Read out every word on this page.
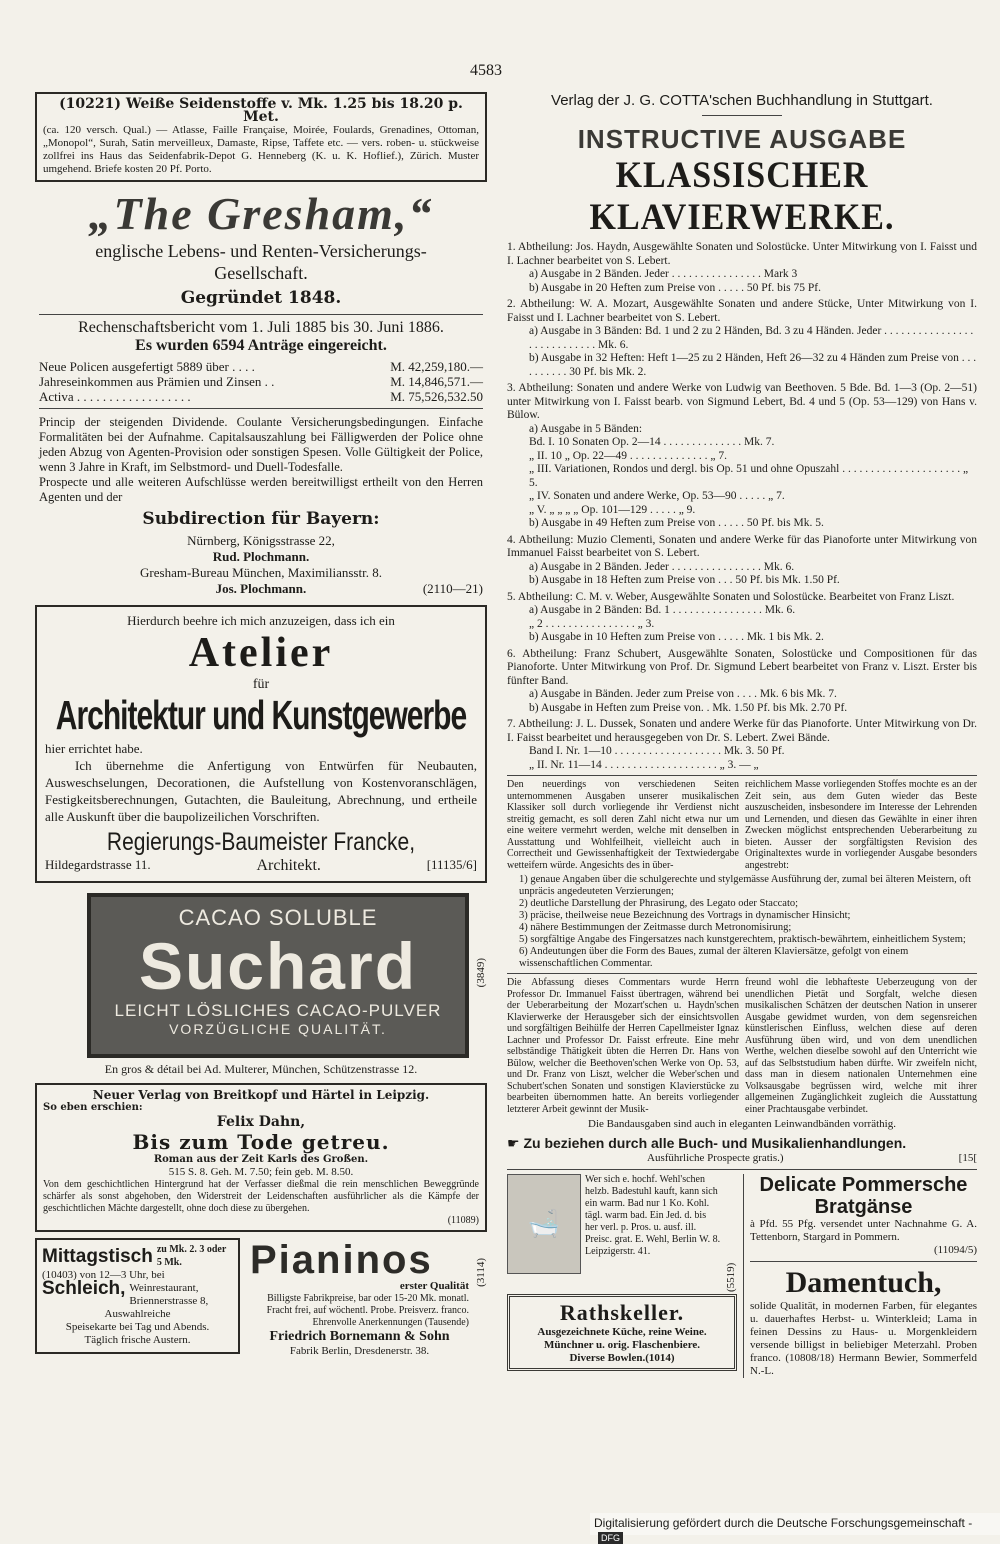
4583
(10221) Weiße Seidenstoffe v. Mk. 1.25 bis 18.20 p. Met.
(ca. 120 versch. Qual.) — Atlasse, Faille Française, Moirée, Foulards, Grenadines, Ottoman, „Monopol“, Surah, Satin merveilleux, Damaste, Ripse, Taffete etc. — vers. roben- u. stückweise zollfrei ins Haus das Seidenfabrik-Depot G. Henneberg (K. u. K. Hoflief.), Zürich. Muster umgehend. Briefe kosten 20 Pf. Porto.
„The Gresham,“
englische Lebens- und Renten-Versicherungs-
Gesellschaft.
Gegründet 1848.
Rechenschaftsbericht vom 1. Juli 1885 bis 30. Juni 1886.
Es wurden 6594 Anträge eingereicht.
Neue Policen ausgefertigt 5889 über . . . .	M. 42,259,180.—
Jahreseinkommen aus Prämien und Zinsen . .	M. 14,846,571.—
Activa . . . . . . . . . . . . . . . . . .	M. 75,526,532.50
Princip der steigenden Dividende. Coulante Versicherungsbedingungen. Einfache Formalitäten bei der Aufnahme. Capitalsauszahlung bei Fälligwerden der Police ohne jeden Abzug von Agenten-Provision oder sonstigen Spesen. Volle Gültigkeit der Police, wenn 3 Jahre in Kraft, im Selbstmord- und Duell-Todesfalle.
Prospecte und alle weiteren Aufschlüsse werden bereitwilligst ertheilt von den Herren Agenten und der
Subdirection für Bayern:
Nürnberg, Königsstrasse 22,
Rud. Plochmann.
Gresham-Bureau München, Maximiliansstr. 8.
Jos. Plochmann.	(2110—21)
Hierdurch beehre ich mich anzuzeigen, dass ich ein
Atelier
für
Architektur und Kunstgewerbe
hier errichtet habe.
Ich übernehme die Anfertigung von Entwürfen für Neubauten, Ausweschselungen, Decorationen, die Aufstellung von Kostenvoranschlägen, Festigkeitsberechnungen, Gutachten, die Bauleitung, Abrechnung, und ertheile alle Auskunft über die baupolizeilichen Vorschriften.
Regierungs-Baumeister Francke,
Hildegardstrasse 11.	Architekt.	[11135/6]
CACAO SOLUBLE
Suchard
LEICHT LÖSLICHES CACAO-PULVER
VORZÜGLICHE QUALITÄT.
(3849)
En gros & détail bei Ad. Multerer, München, Schützenstrasse 12.
Neuer Verlag von Breitkopf und Härtel in Leipzig.
So eben erschien:
Felix Dahn,
Bis zum Tode getreu.
Roman aus der Zeit Karls des Großen.
515 S. 8. Geh. M. 7.50; fein geb. M. 8.50.
Von dem geschichtlichen Hintergrund hat der Verfasser dießmal die rein menschlichen Beweggründe schärfer als sonst abgehoben, den Widerstreit der Leidenschaften ausführlicher als die Kämpfe der geschichtlichen Mächte dargestellt, ohne doch diese zu übergehen.
(11089)
Mittagstisch zu Mk. 2. 3 oder 5 Mk.
(10403) von 12—3 Uhr, bei
Schleich, Weinrestaurant, Briennerstrasse 8,
Auswahlreiche
Speisekarte bei Tag und Abends.
Täglich frische Austern.
Pianinos
erster Qualität
Billigste Fabrikpreise, bar oder 15-20 Mk. monatl. Fracht frei, auf wöchentl. Probe. Preisverz. franco. Ehrenvolle Anerkennungen (Tausende)
Friedrich Bornemann & Sohn
Fabrik Berlin, Dresdenerstr. 38.
(3114)
Verlag der J. G. COTTA'schen Buchhandlung in Stuttgart.
INSTRUCTIVE AUSGABE
KLASSISCHER KLAVIERWERKE.
1. Abtheilung: Jos. Haydn, Ausgewählte Sonaten und Solostücke. Unter Mitwirkung von I. Faisst und I. Lachner bearbeitet von S. Lebert.
a) Ausgabe in 2 Bänden. Jeder . . . . . . . . . . . . . . . . Mark 3
b) Ausgabe in 20 Heften zum Preise von . . . . . 50 Pf. bis 75 Pf.
2. Abtheilung: W. A. Mozart, Ausgewählte Sonaten und andere Stücke, Unter Mitwirkung von I. Faisst und I. Lachner bearbeitet von S. Lebert.
a) Ausgabe in 3 Bänden: Bd. 1 und 2 zu 2 Händen, Bd. 3 zu 4 Händen. Jeder . . . . . . . . . . . . . . . . . . . . . . . . . . . . Mk. 6.
b) Ausgabe in 32 Heften: Heft 1—25 zu 2 Händen, Heft 26—32 zu 4 Händen zum Preise von . . . . . . . . . . 30 Pf. bis Mk. 2.
3. Abtheilung: Sonaten und andere Werke von Ludwig van Beethoven. 5 Bde. Bd. 1—3 (Op. 2—51) unter Mitwirkung von I. Faisst bearb. von Sigmund Lebert, Bd. 4 und 5 (Op. 53—129) von Hans v. Bülow.
a) Ausgabe in 5 Bänden:
Bd. I. 10 Sonaten Op. 2—14 . . . . . . . . . . . . . . Mk. 7.
„ II. 10 „ Op. 22—49 . . . . . . . . . . . . . . „ 7.
„ III. Variationen, Rondos und dergl. bis Op. 51 und ohne Opuszahl . . . . . . . . . . . . . . . . . . . . . „ 5.
„ IV. Sonaten und andere Werke, Op. 53—90 . . . . . „ 7.
„ V. „ „ „ „ Op. 101—129 . . . . . „ 9.
b) Ausgabe in 49 Heften zum Preise von . . . . . 50 Pf. bis Mk. 5.
4. Abtheilung: Muzio Clementi, Sonaten und andere Werke für das Pianoforte unter Mitwirkung von Immanuel Faisst bearbeitet von S. Lebert.
a) Ausgabe in 2 Bänden. Jeder . . . . . . . . . . . . . . . . Mk. 6.
b) Ausgabe in 18 Heften zum Preise von . . . 50 Pf. bis Mk. 1.50 Pf.
5. Abtheilung: C. M. v. Weber, Ausgewählte Sonaten und Solostücke. Bearbeitet von Franz Liszt.
a) Ausgabe in 2 Bänden: Bd. 1 . . . . . . . . . . . . . . . . Mk. 6.
„ 2 . . . . . . . . . . . . . . . . „ 3.
b) Ausgabe in 10 Heften zum Preise von . . . . . Mk. 1 bis Mk. 2.
6. Abtheilung: Franz Schubert, Ausgewählte Sonaten, Solostücke und Compositionen für das Pianoforte. Unter Mitwirkung von Prof. Dr. Sigmund Lebert bearbeitet von Franz v. Liszt. Erster bis fünfter Band.
a) Ausgabe in Bänden. Jeder zum Preise von . . . . Mk. 6 bis Mk. 7.
b) Ausgabe in Heften zum Preise von. . Mk. 1.50 Pf. bis Mk. 2.70 Pf.
7. Abtheilung: J. L. Dussek, Sonaten und andere Werke für das Pianoforte. Unter Mitwirkung von Dr. I. Faisst bearbeitet und herausgegeben von Dr. S. Lebert. Zwei Bände.
Band I. Nr. 1—10 . . . . . . . . . . . . . . . . . . . Mk. 3. 50 Pf.
„ II. Nr. 11—14 . . . . . . . . . . . . . . . . . . . . „ 3. — „
Den neuerdings von verschiedenen Seiten unternommenen Ausgaben unserer musikalischen Klassiker soll durch vorliegende ihr Verdienst nicht streitig gemacht, es soll deren Zahl nicht etwa nur um eine weitere vermehrt werden, welche mit denselben in Ausstattung und Wohlfeilheit, vielleicht auch in Correctheit und Gewissenhaftigkeit der Textwiedergabe wetteifern würde. Angesichts des in über-
reichlichem Masse vorliegenden Stoffes mochte es an der Zeit sein, aus dem Guten wieder das Beste auszuscheiden, insbesondere im Interesse der Lehrenden und Lernenden, und diesen das Gewählte in einer ihren Zwecken möglichst entsprechenden Ueberarbeitung zu bieten. Ausser der sorgfältigsten Revision des Originaltextes wurde in vorliegender Ausgabe besonders angestrebt:
1) genaue Angaben über die schulgerechte und stylgemässe Ausführung der, zumal bei älteren Meistern, oft unpräcis angedeuteten Verzierungen;
2) deutliche Darstellung der Phrasirung, des Legato oder Staccato;
3) präcise, theilweise neue Bezeichnung des Vortrags in dynamischer Hinsicht;
4) nähere Bestimmungen der Zeitmasse durch Metronomisirung;
5) sorgfältige Angabe des Fingersatzes nach kunstgerechtem, praktisch-bewährtem, einheitlichem System;
6) Andeutungen über die Form des Baues, zumal der älteren Klaviersätze, gefolgt von einem wissenschaftlichen Commentar.
Die Abfassung dieses Commentars wurde Herrn Professor Dr. Immanuel Faisst übertragen, während bei der Ueberarbeitung der Mozart'schen u. Haydn'schen Klavierwerke der Herausgeber sich der einsichtsvollen und sorgfältigen Beihülfe der Herren Capellmeister Ignaz Lachner und Professor Dr. Faisst erfreute. Eine mehr selbständige Thätigkeit übten die Herren Dr. Hans von Bülow, welcher die Beethoven'schen Werke von Op. 53, und Dr. Franz von Liszt, welcher die Weber'schen und Schubert'schen Sonaten und sonstigen Klavierstücke zu bearbeiten übernommen hatte. An bereits vorliegender letzterer Arbeit gewinnt der Musik-
freund wohl die lebhafteste Ueberzeugung von der unendlichen Pietät und Sorgfalt, welche diesen musikalischen Schätzen der deutschen Nation in unserer Ausgabe gewidmet wurden, von dem segensreichen künstlerischen Einfluss, welchen diese auf deren Ausführung üben wird, und von dem unendlichen Werthe, welchen dieselbe sowohl auf den Unterricht wie auf das Selbststudium haben dürfte. Wir zweifeln nicht, dass man in diesem nationalen Unternehmen eine Volksausgabe begrüssen wird, welche mit ihrer allgemeinen Zugänglichkeit zugleich die Ausstattung einer Prachtausgabe verbindet.
Die Bandausgaben sind auch in eleganten Leinwandbänden vorräthig.
☛ Zu beziehen durch alle Buch- und Musikalienhandlungen.
Ausführliche Prospecte gratis.)	[15[
🛁
Wer sich e. hochf. Wehl'schen helzb. Badestuhl kauft, kann sich ein warm. Bad nur 1 Ko. Kohl. tägl. warm bad. Ein Jed. d. bis her verl. p. Pros. u. ausf. ill. Preisc. grat. E. Wehl, Berlin W. 8. Leipzigerstr. 41.
(5519)
Rathskeller.
Ausgezeichnete Küche, reine Weine.
Münchner u. orig. Flaschenbiere.
Diverse Bowlen.(1014)
Delicate Pommersche Bratgänse
à Pfd. 55 Pfg. versendet unter Nachnahme G. A. Tettenborn, Stargard in Pommern.
(11094/5)
Damentuch,
solide Qualität, in modernen Farben, für elegantes u. dauerhaftes Herbst- u. Winterkleid; Lama in feinen Dessins zu Haus- u. Morgenkleidern versende billigst in beliebiger Meterzahl. Proben franco. (10808/18) Hermann Bewier, Sommerfeld N.-L.
Digitalisierung gefördert durch die Deutsche Forschungsgemeinschaft - DFG
